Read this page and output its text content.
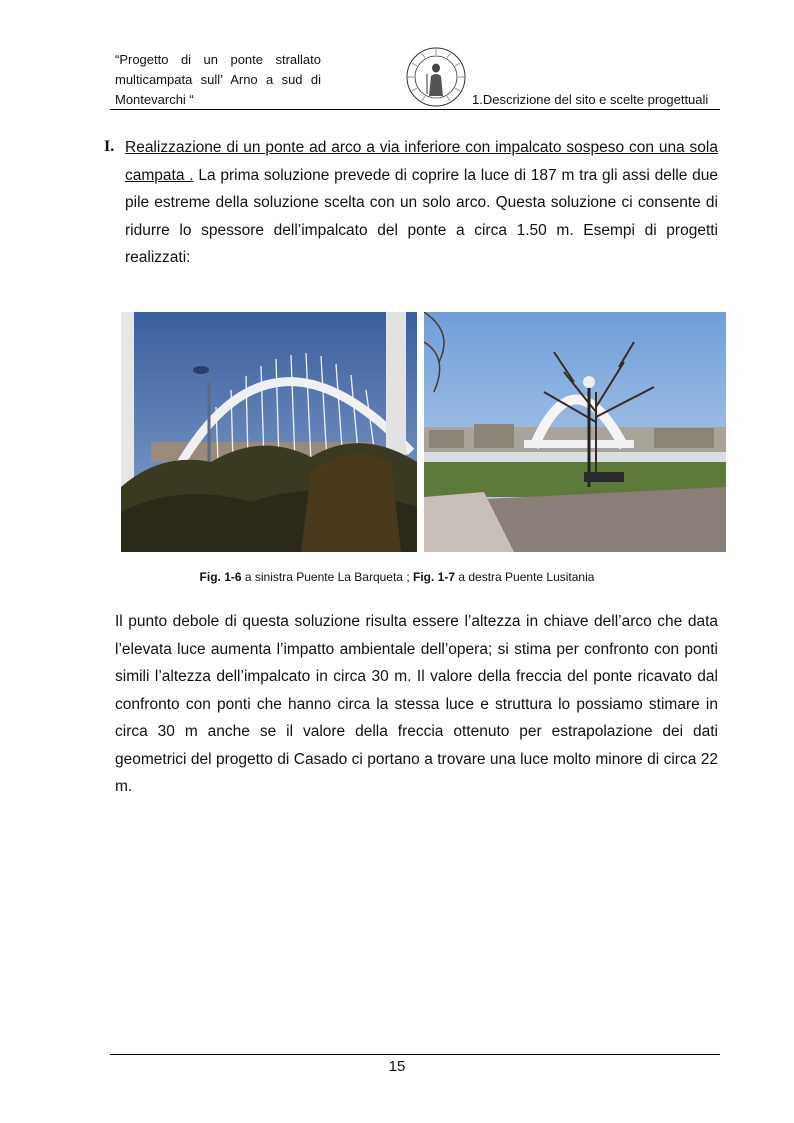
“Progetto di un ponte strallato
multicampata sull’ Arno a sud di
Montevarchi “	1.Descrizione del sito e scelte progettuali
I. Realizzazione di un ponte ad arco a via inferiore con impalcato sospeso con una sola campata . La prima soluzione prevede di coprire la luce di 187 m tra gli assi delle due pile estreme della soluzione scelta con un solo arco. Questa soluzione ci consente di ridurre lo spessore dell’impalcato del ponte a circa 1.50 m. Esempi di progetti realizzati:
Fig. 1-6 a sinistra Puente La Barqueta ; Fig. 1-7 a destra Puente Lusitania
Il punto debole di questa soluzione risulta essere l’altezza in chiave dell’arco che data l’elevata luce aumenta l’impatto ambientale dell’opera; si stima per confronto con ponti simili l’altezza dell’impalcato in circa 30 m. Il valore della freccia del ponte ricavato dal confronto con ponti che hanno circa la stessa luce e struttura lo possiamo stimare in circa 30 m anche se il valore della freccia ottenuto per estrapolazione dei dati geometrici del progetto di Casado ci portano a trovare una luce molto minore di circa 22 m.
15
